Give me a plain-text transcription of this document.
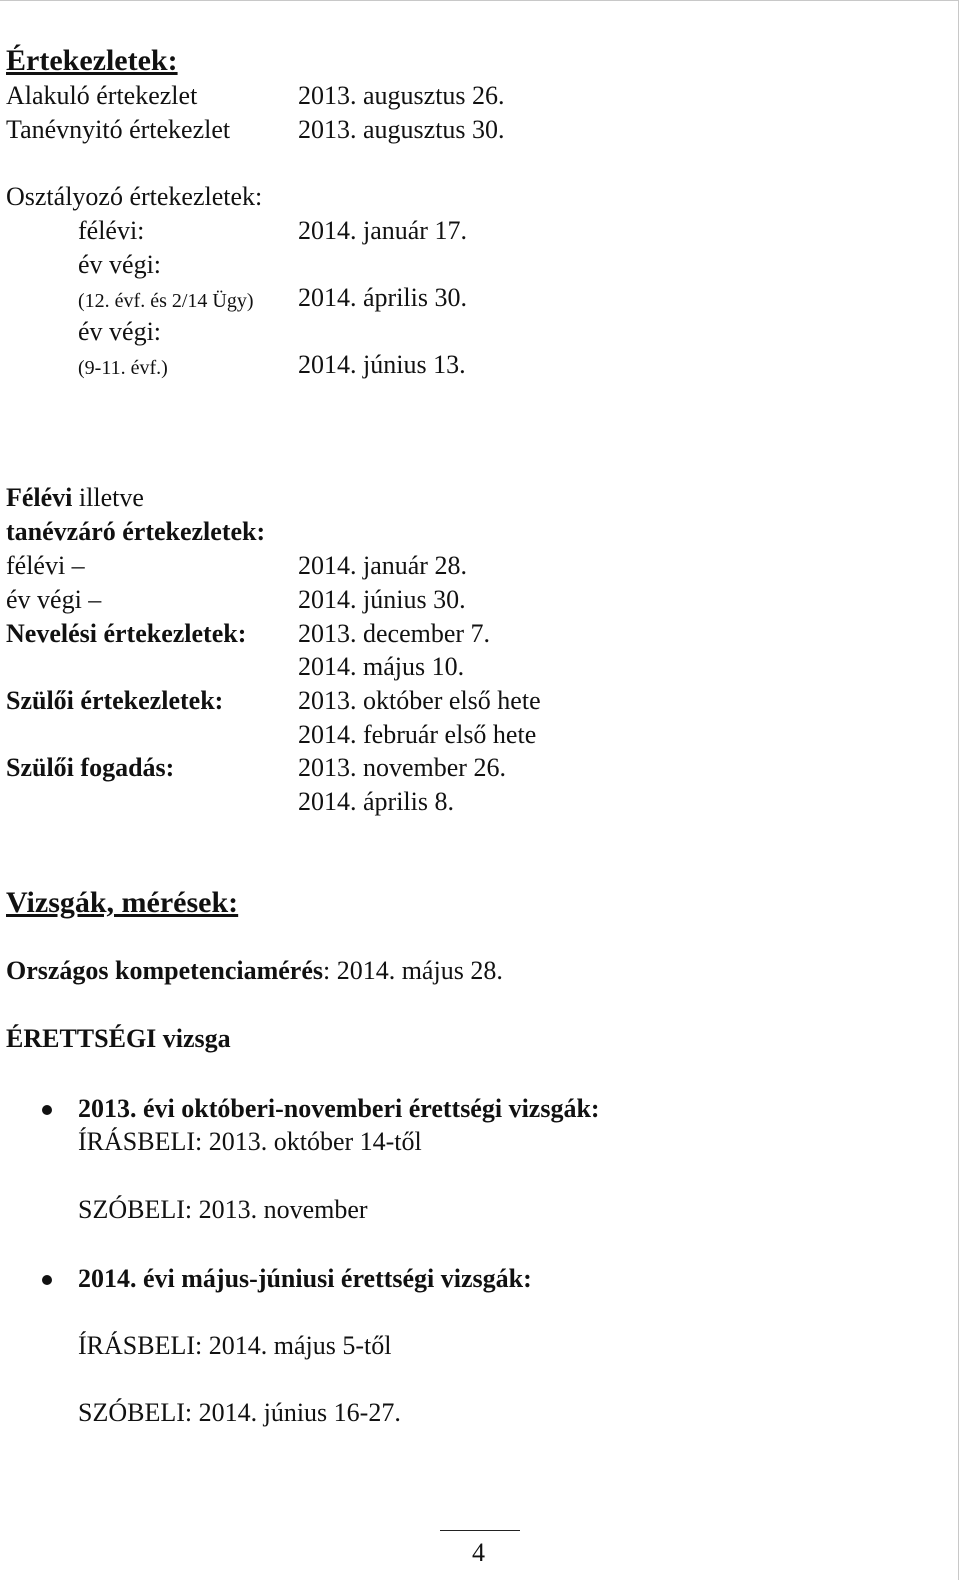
Értekezletek:
Alakuló értekezlet	2013. augusztus 26.
Tanévnyitó értekezlet	2013. augusztus 30.
Osztályozó értekezletek:
félévi:	2014. január 17.
év végi:
(12. évf. és 2/14 Ügy) 2014. április 30.
év végi:
(9-11. évf.)	2014. június 13.
Félévi illetve
tanévzáró értekezletek:
félévi –	2014. január 28.
év végi –	2014. június 30.
Nevelési értekezletek: 2013. december 7.
2014. május 10.
Szülői értekezletek:	2013. október első hete
2014. február első hete
Szülői fogadás:	2013. november 26.
2014. április 8.
Vizsgák, mérések:
Országos kompetenciamérés: 2014. május 28.
ÉRETTSÉGI vizsga
2013. évi októberi-novemberi érettségi vizsgák:
ÍRÁSBELI: 2013. október 14-től
SZÓBELI: 2013. november
2014. évi május-júniusi érettségi vizsgák:
ÍRÁSBELI: 2014. május 5-től
SZÓBELI: 2014. június 16-27.
4
